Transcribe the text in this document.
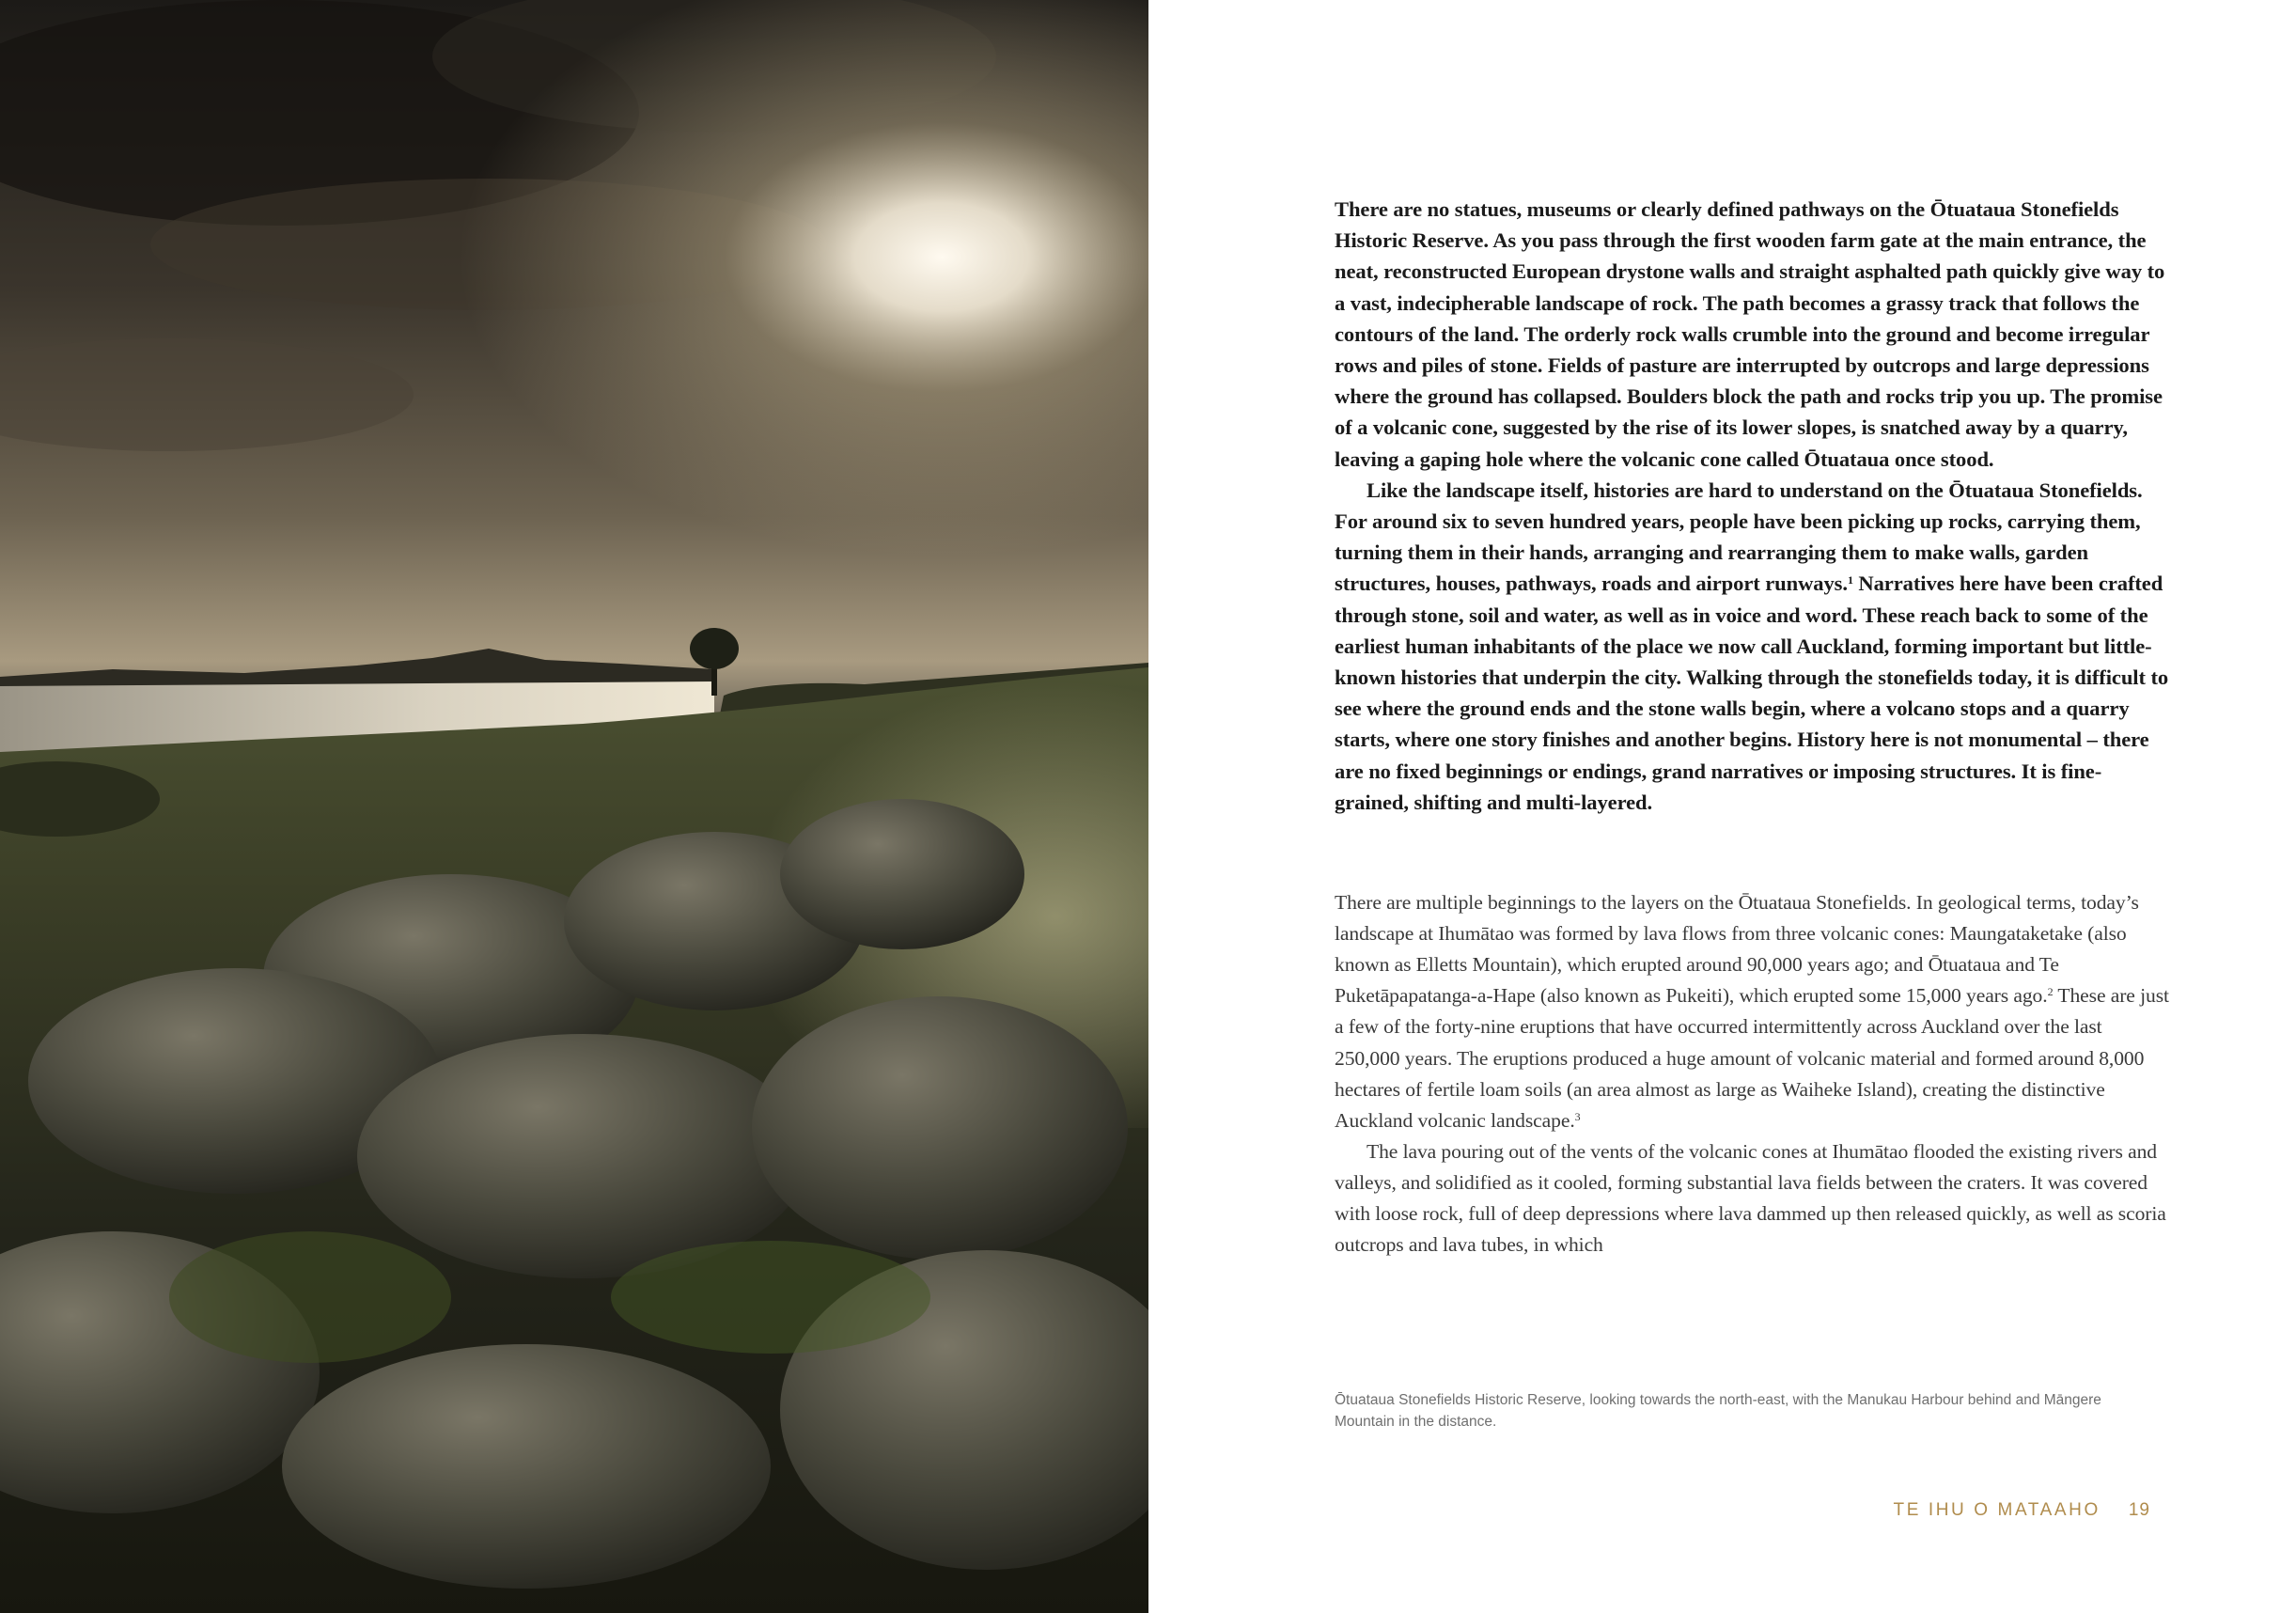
There are no statues, museums or clearly defined pathways on the Ōtuataua Stonefields Historic Reserve. As you pass through the first wooden farm gate at the main entrance, the neat, reconstructed European drystone walls and straight asphalted path quickly give way to a vast, indecipherable landscape of rock. The path becomes a grassy track that follows the contours of the land. The orderly rock walls crumble into the ground and become irregular rows and piles of stone. Fields of pasture are interrupted by outcrops and large depressions where the ground has collapsed. Boulders block the path and rocks trip you up. The promise of a volcanic cone, suggested by the rise of its lower slopes, is snatched away by a quarry, leaving a gaping hole where the volcanic cone called Ōtuataua once stood.

Like the landscape itself, histories are hard to understand on the Ōtuataua Stonefields. For around six to seven hundred years, people have been picking up rocks, carrying them, turning them in their hands, arranging and rearranging them to make walls, garden structures, houses, pathways, roads and airport runways.$^1$ Narratives here have been crafted through stone, soil and water, as well as in voice and word. These reach back to some of the earliest human inhabitants of the place we now call Auckland, forming important but little-known histories that underpin the city. Walking through the stonefields today, it is difficult to see where the ground ends and the stone walls begin, where a volcano stops and a quarry starts, where one story finishes and another begins. History here is not monumental – there are no fixed beginnings or endings, grand narratives or imposing structures. It is fine-grained, shifting and multi-layered.

There are multiple beginnings to the layers on the Ōtuataua Stonefields. In geological terms, today’s landscape at Ihumātao was formed by lava flows from three volcanic cones: Maungataketake (also known as Elletts Mountain), which erupted around 90,000 years ago; and Ōtuataua and Te Puketāpapatanga-a-Hape (also known as Pukeiti), which erupted some 15,000 years ago.$^2$ These are just a few of the forty-nine eruptions that have occurred intermittently across Auckland over the last 250,000 years. The eruptions produced a huge amount of volcanic material and formed around 8,000 hectares of fertile loam soils (an area almost as large as Waiheke Island), creating the distinctive Auckland volcanic landscape.$^3$

The lava pouring out of the vents of the volcanic cones at Ihumātao flooded the existing rivers and valleys, and solidified as it cooled, forming substantial lava fields between the craters. It was covered with loose rock, full of deep depressions where lava dammed up then released quickly, as well as scoria outcrops and lava tubes, in which

Ōtuataua Stonefields Historic Reserve, looking towards the north-east, with the Manukau Harbour behind and Māngere Mountain in the distance.
TE IHU O MATAAHO 19
